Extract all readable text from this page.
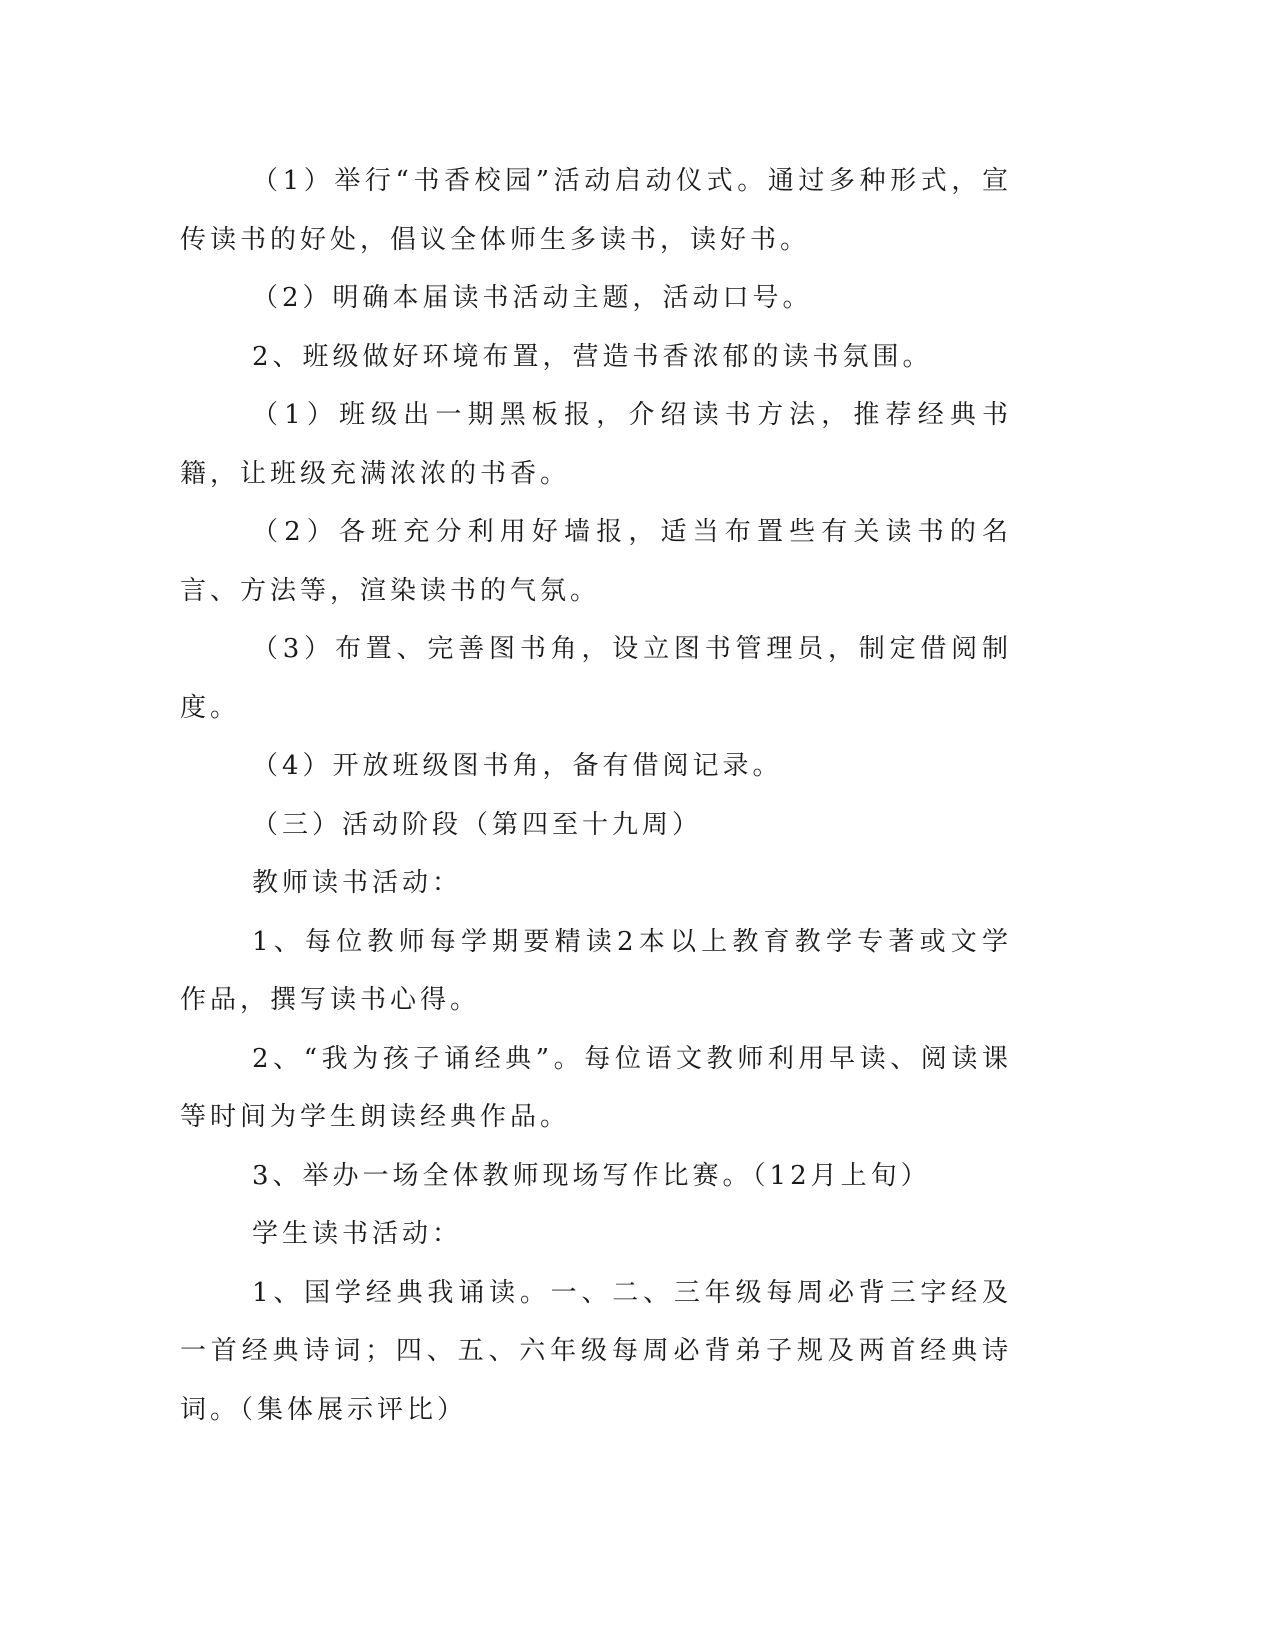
（1）举行“书香校园”活动启动仪式。通过多种形式，宣传读书的好处，倡议全体师生多读书，读好书。

（2）明确本届读书活动主题，活动口号。

2、班级做好环境布置，营造书香浓郁的读书氛围。

（1）班级出一期黑板报，介绍读书方法，推荐经典书籍，让班级充满浓浓的书香。

（2）各班充分利用好墙报，适当布置些有关读书的名言、方法等，渲染读书的气氛。

（3）布置、完善图书角，设立图书管理员，制定借阅制度。

（4）开放班级图书角，备有借阅记录。

（三）活动阶段（第四至十九周）

教师读书活动：

1、每位教师每学期要精读2本以上教育教学专著或文学作品，撰写读书心得。

2、“我为孩子诵经典”。每位语文教师利用早读、阅读课等时间为学生朗读经典作品。

3、举办一场全体教师现场写作比赛。（12月上旬）

学生读书活动：

1、国学经典我诵读。一、二、三年级每周必背三字经及一首经典诗词；四、五、六年级每周必背弟子规及两首经典诗词。（集体展示评比）
